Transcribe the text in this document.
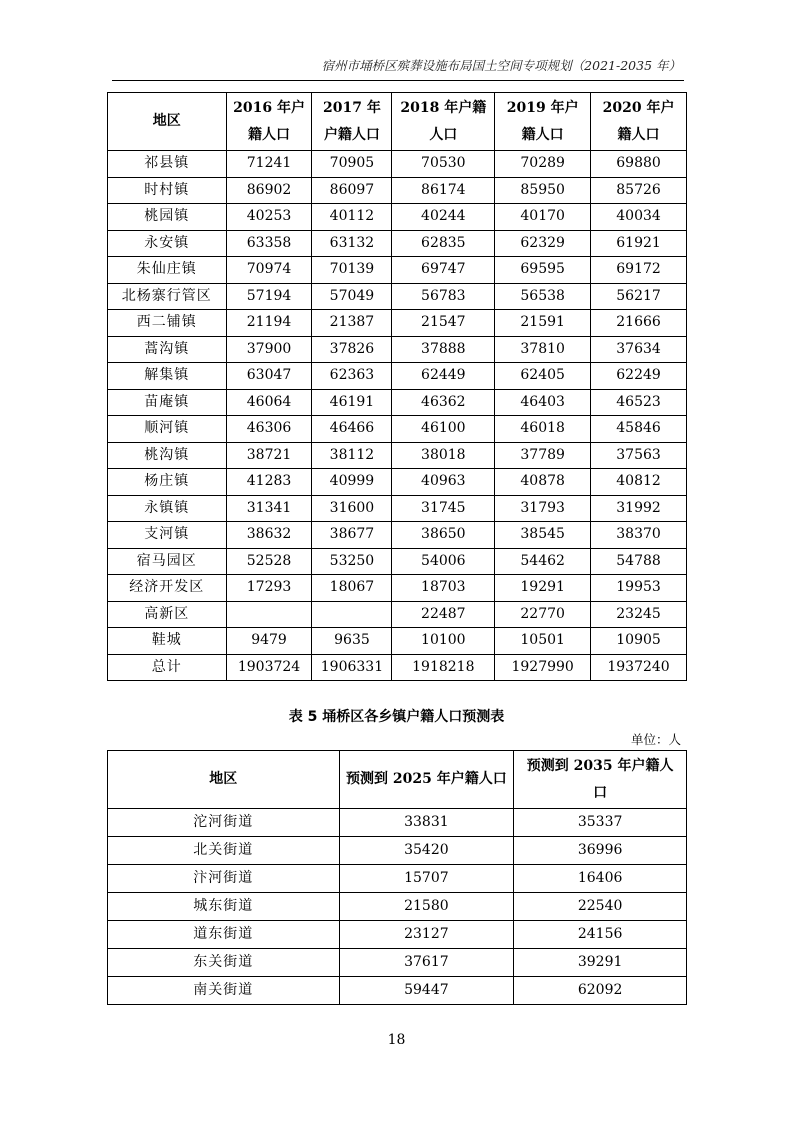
宿州市埇桥区殡葬设施布局国土空间专项规划（2021-2035 年）
地区	2016 年户籍人口	2017 年户籍人口	2018 年户籍人口	2019 年户籍人口	2020 年户籍人口
祁县镇	71241	70905	70530	70289	69880
时村镇	86902	86097	86174	85950	85726
桃园镇	40253	40112	40244	40170	40034
永安镇	63358	63132	62835	62329	61921
朱仙庄镇	70974	70139	69747	69595	69172
北杨寨行管区	57194	57049	56783	56538	56217
西二铺镇	21194	21387	21547	21591	21666
蒿沟镇	37900	37826	37888	37810	37634
解集镇	63047	62363	62449	62405	62249
苗庵镇	46064	46191	46362	46403	46523
顺河镇	46306	46466	46100	46018	45846
桃沟镇	38721	38112	38018	37789	37563
杨庄镇	41283	40999	40963	40878	40812
永镇镇	31341	31600	31745	31793	31992
支河镇	38632	38677	38650	38545	38370
宿马园区	52528	53250	54006	54462	54788
经济开发区	17293	18067	18703	19291	19953
高新区			22487	22770	23245
鞋城	9479	9635	10100	10501	10905
总计	1903724	1906331	1918218	1927990	1937240
表 5 埇桥区各乡镇户籍人口预测表
单位：人
地区	预测到 2025 年户籍人口	预测到 2035 年户籍人口
沱河街道	33831	35337
北关街道	35420	36996
汴河街道	15707	16406
城东街道	21580	22540
道东街道	23127	24156
东关街道	37617	39291
南关街道	59447	62092
18
